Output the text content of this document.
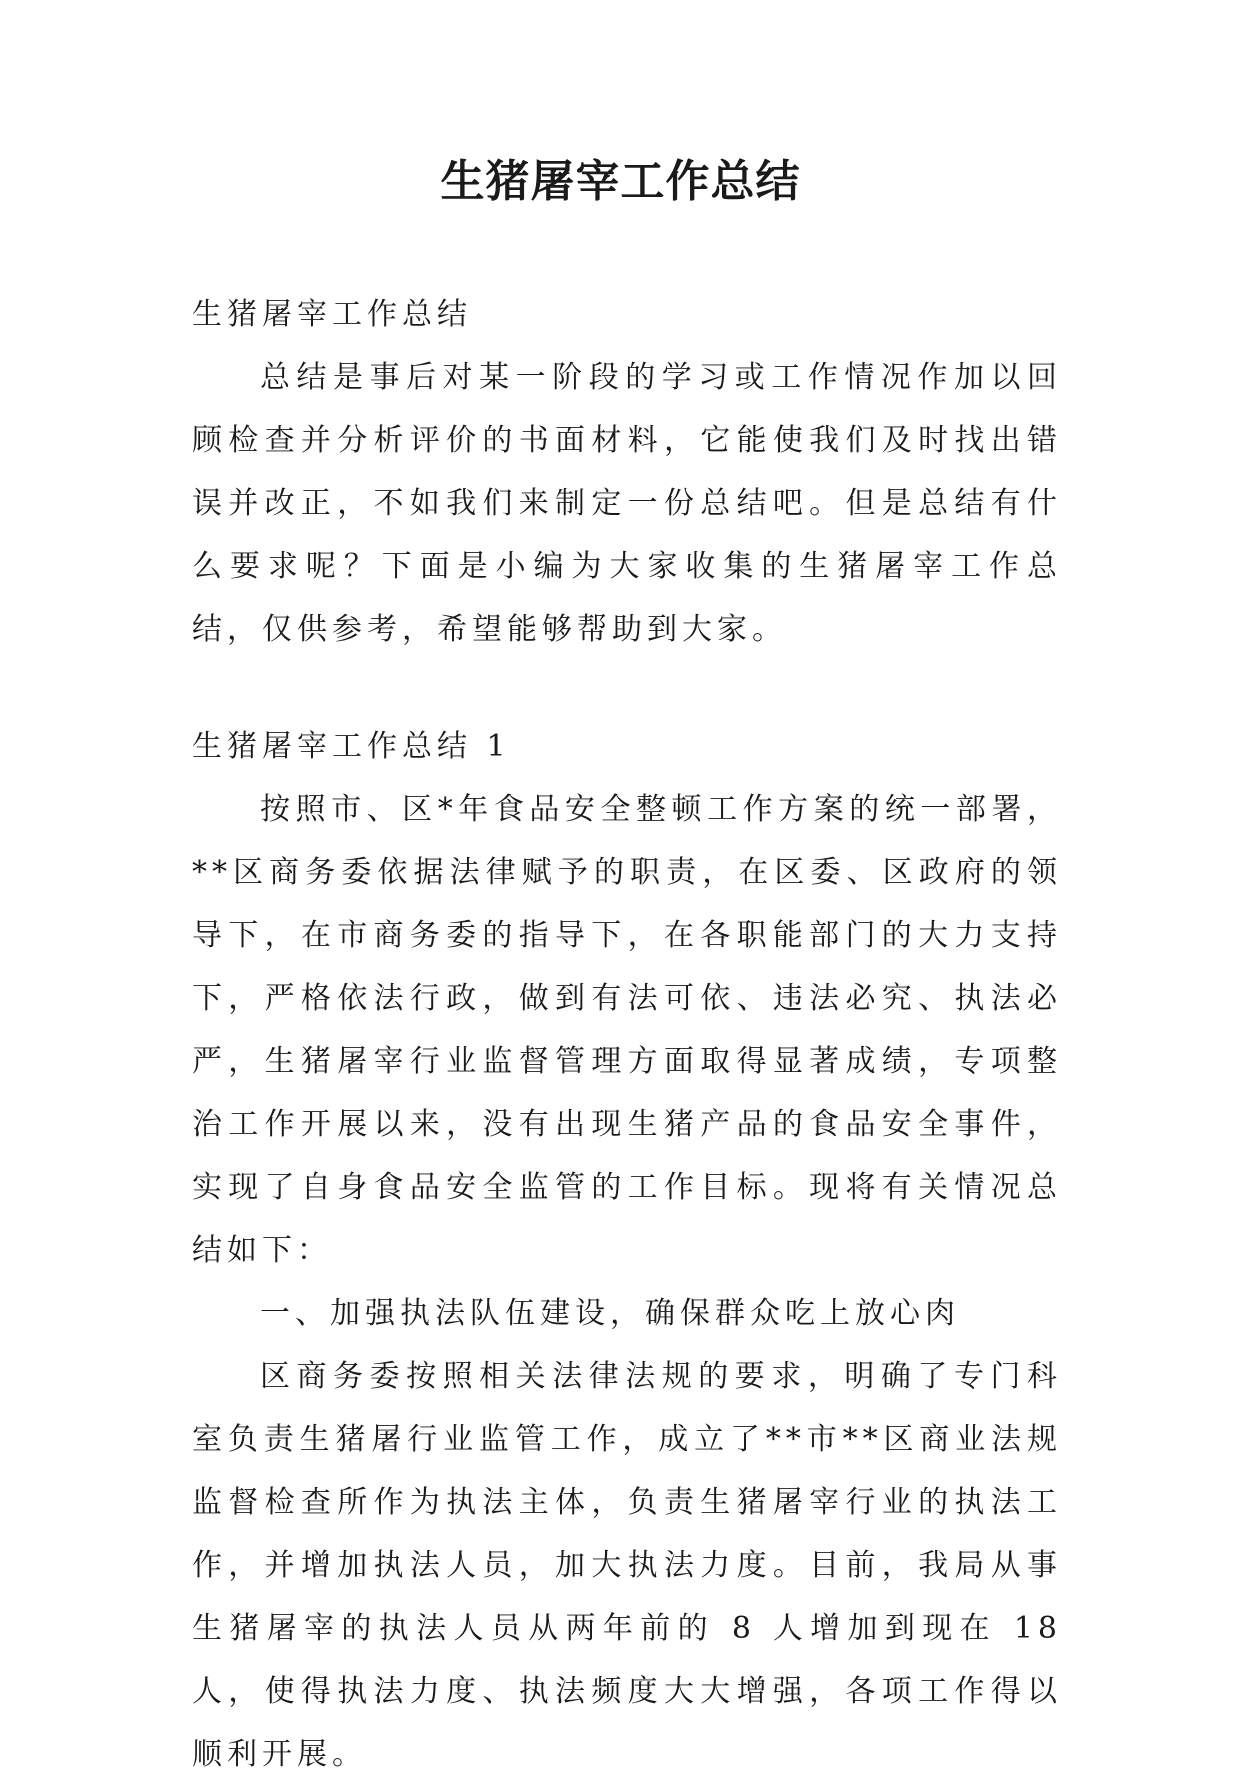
生猪屠宰工作总结

生猪屠宰工作总结

总结是事后对某一阶段的学习或工作情况作加以回顾检查并分析评价的书面材料，它能使我们及时找出错误并改正，不如我们来制定一份总结吧。但是总结有什么要求呢？下面是小编为大家收集的生猪屠宰工作总结，仅供参考，希望能够帮助到大家。

生猪屠宰工作总结 1

按照市、区*年食品安全整顿工作方案的统一部署，**区商务委依据法律赋予的职责，在区委、区政府的领导下，在市商务委的指导下，在各职能部门的大力支持下，严格依法行政，做到有法可依、违法必究、执法必严，生猪屠宰行业监督管理方面取得显著成绩，专项整治工作开展以来，没有出现生猪产品的食品安全事件，实现了自身食品安全监管的工作目标。现将有关情况总结如下：

一、加强执法队伍建设，确保群众吃上放心肉

区商务委按照相关法律法规的要求，明确了专门科室负责生猪屠行业监管工作，成立了**市**区商业法规监督检查所作为执法主体，负责生猪屠宰行业的执法工作，并增加执法人员，加大执法力度。目前，我局从事生猪屠宰的执法人员从两年前的 8 人增加到现在 18 人，使得执法力度、执法频度大大增强，各项工作得以顺利开展。
